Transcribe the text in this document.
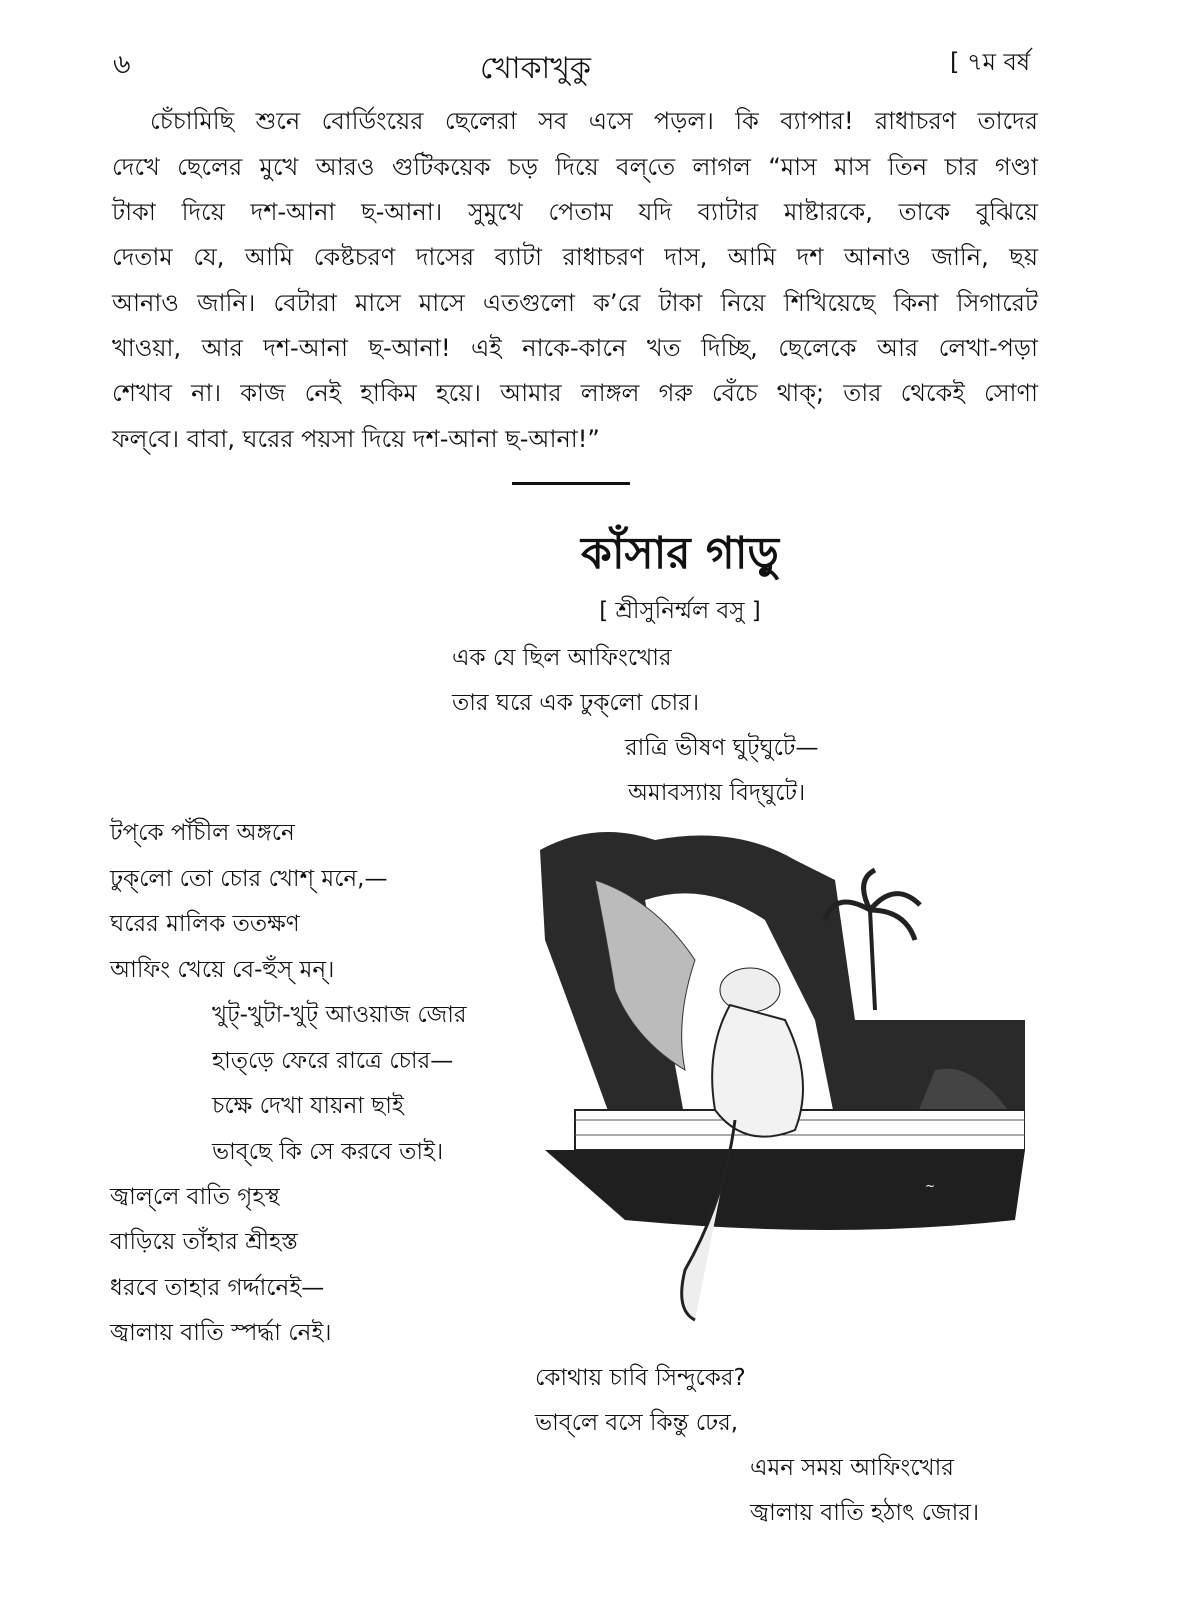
৬	খোকাখুকু	[ ৭ম বর্ষ
চেঁচামিছি শুনে বোর্ডিংয়ের ছেলেরা সব এসে পড়ল। কি ব্যাপার! রাধাচরণ তাদের
দেখে ছেলের মুখে আরও গুটিকয়েক চড় দিয়ে বল্‌তে লাগল “মাস মাস তিন চার গণ্ডা
টাকা দিয়ে দশ-আনা ছ-আনা। সুমুখে পেতাম যদি ব্যাটার মাষ্টারকে, তাকে বুঝিয়ে
দেতাম যে, আমি কেষ্টচরণ দাসের ব্যাটা রাধাচরণ দাস, আমি দশ আনাও জানি, ছয়
আনাও জানি। বেটারা মাসে মাসে এতগুলো ক’রে টাকা নিয়ে শিখিয়েছে কিনা সিগারেট
খাওয়া, আর দশ-আনা ছ-আনা! এই নাকে-কানে খত দিচ্ছি, ছেলেকে আর লেখা-পড়া
শেখাব না। কাজ নেই হাকিম হয়ে। আমার লাঙ্গল গরু বেঁচে থাক্; তার থেকেই সোণা
ফল্‌বে। বাবা, ঘরের পয়সা দিয়ে দশ-আনা ছ-আনা!”
কাঁসার গাড়ু
[ শ্রীসুনির্ম্মল বসু ]
এক যে ছিল আফিংখোর
তার ঘরে এক ঢুক্‌লো চোর।
রাত্রি ভীষণ ঘুট্‌ঘুটে—
অমাবস্যায় বিদ্‌ঘুটে।
টপ্‌কে পাঁচীল অঙ্গনে
ঢুক্‌লো তো চোর খোশ্ মনে,—
ঘরের মালিক ততক্ষণ
আফিং খেয়ে বে-হুঁস্ মন্।
খুট্-খুটা-খুট্ আওয়াজ জোর
হাত্‌ড়ে ফেরে রাত্রে চোর—
চক্ষে দেখা যায়না ছাই
ভাব্‌ছে কি সে করবে তাই।
জ্বাল্‌লে বাতি গৃহস্থ
বাড়িয়ে তাঁহার শ্রীহস্ত
ধরবে তাহার গর্দ্দানেই—
জ্বালায় বাতি স্পর্দ্ধা নেই।
কোথায় চাবি সিন্দুকের?
ভাব্‌লে বসে কিন্তু ঢের,
এমন সময় আফিংখোর
জ্বালায় বাতি হঠাৎ জোর।
~
